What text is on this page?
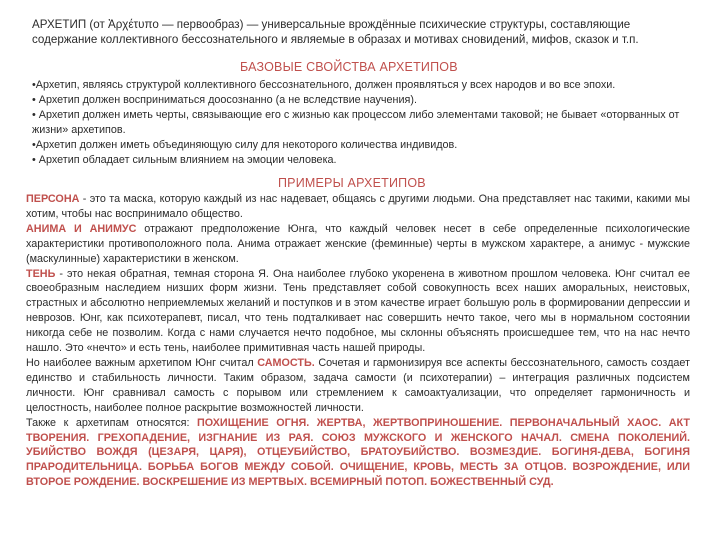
АРХЕТИП (от Ἀρχέτυπο — первообраз) — универсальные врождённые психические структуры, составляющие содержание коллективного бессознательного и являемые в образах и мотивах сновидений, мифов, сказок и т.п.

БАЗОВЫЕ СВОЙСТВА АРХЕТИПОВ
•Архетип, являясь структурой коллективного бессознательного, должен проявляться у всех народов и во все эпохи.
• Архетип должен восприниматься доосознанно (а не вследствие научения).
• Архетип должен иметь черты, связывающие его с жизнью как процессом либо элементами таковой; не бывает «оторванных от жизни» архетипов.
•Архетип должен иметь объединяющую силу для некоторого количества индивидов.
• Архетип обладает сильным влиянием на эмоции человека.
ПРИМЕРЫ АРХЕТИПОВ

ПЕРСОНА - это та маска, которую каждый из нас надевает, общаясь с другими людьми. Она представляет нас такими, какими мы хотим, чтобы нас воспринимало общество.

АНИМА И АНИМУС отражают предположение Юнга, что каждый человек несет в себе определенные психологические характеристики противоположного пола. Анима отражает женские (феминные) черты в мужском характере, а анимус - мужские (маскулинные) характеристики в женском.

ТЕНЬ - это некая обратная, темная сторона Я. Она наиболее глубоко укоренена в животном прошлом человека. Юнг считал ее своеобразным наследием низших форм жизни. Тень представляет собой совокупность всех наших аморальных, неистовых, страстных и абсолютно неприемлемых желаний и поступков и в этом качестве играет большую роль в формировании депрессии и неврозов. Юнг, как психотерапевт, писал, что тень подталкивает нас совершить нечто такое, чего мы в нормальном состоянии никогда себе не позволим. Когда с нами случается нечто подобное, мы склонны объяснять происшедшее тем, что на нас нечто нашло. Это «нечто» и есть тень, наиболее примитивная часть нашей природы.

Но наиболее важным архетипом Юнг считал САМОСТЬ. Сочетая и гармонизируя все аспекты бессознательного, самость создает единство и стабильность личности. Таким образом, задача самости (и психотерапии) – интеграция различных подсистем личности. Юнг сравнивал самость с порывом или стремлением к самоактуализации, что определяет гармоничность и целостность, наиболее полное раскрытие возможностей личности.

Также к архетипам относятся: ПОХИЩЕНИЕ ОГНЯ. ЖЕРТВА, ЖЕРТВОПРИНОШЕНИЕ. ПЕРВОНАЧАЛЬНЫЙ ХАОС. АКТ ТВОРЕНИЯ. ГРЕХОПАДЕНИЕ, ИЗГНАНИЕ ИЗ РАЯ. СОЮЗ МУЖСКОГО И ЖЕНСКОГО НАЧАЛ. СМЕНА ПОКОЛЕНИЙ. УБИЙСТВО ВОЖДЯ (ЦЕЗАРЯ, ЦАРЯ), ОТЦЕУБИЙСТВО, БРАТОУБИЙСТВО. ВОЗМЕЗДИЕ. БОГИНЯ-ДЕВА, БОГИНЯ ПРАРОДИТЕЛЬНИЦА. БОРЬБА БОГОВ МЕЖДУ СОБОЙ. ОЧИЩЕНИЕ, КРОВЬ, МЕСТЬ ЗА ОТЦОВ. ВОЗРОЖДЕНИЕ, ИЛИ ВТОРОЕ РОЖДЕНИЕ. ВОСКРЕШЕНИЕ ИЗ МЕРТВЫХ. ВСЕМИРНЫЙ ПОТОП. БОЖЕСТВЕННЫЙ СУД.
